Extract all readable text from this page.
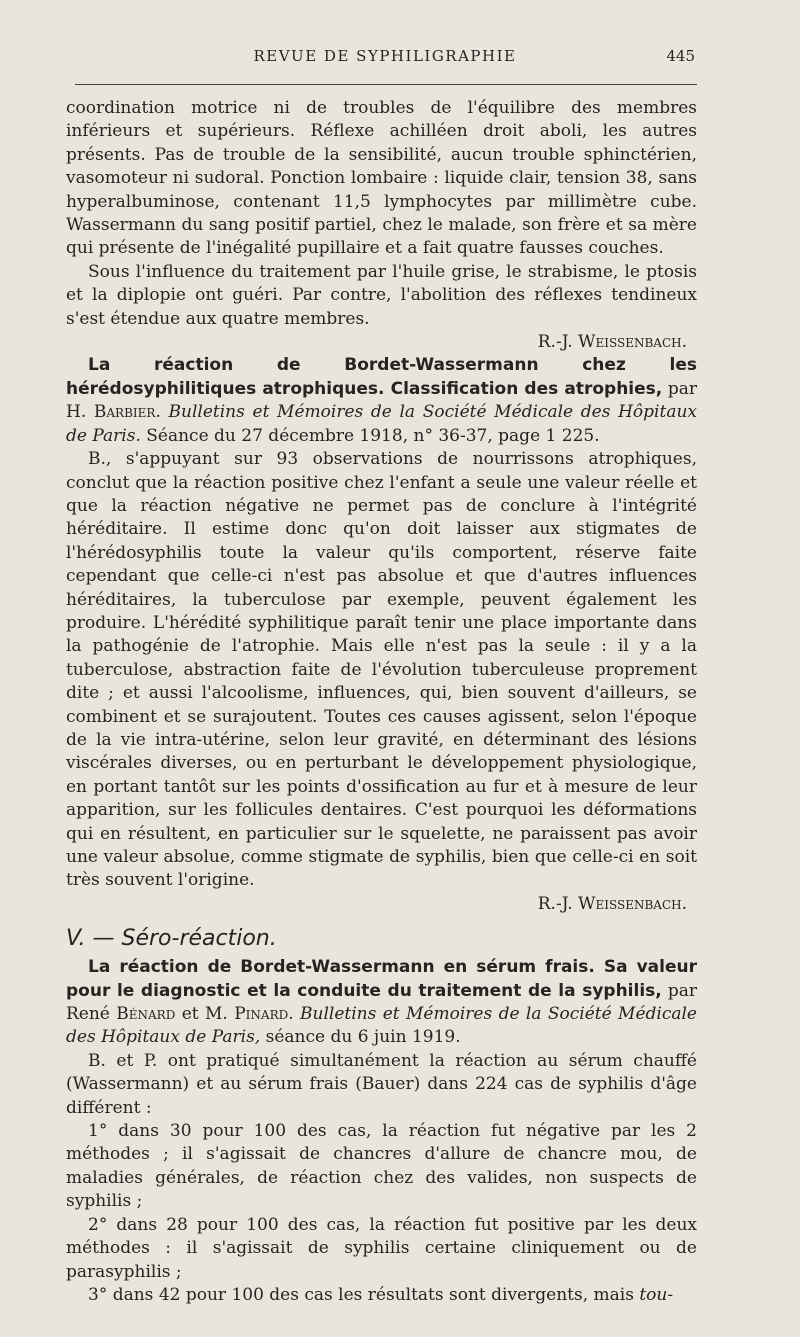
REVUE DE SYPHILIGRAPHIE	445

coordination motrice ni de troubles de l'équilibre des membres inférieurs et supérieurs. Réflexe achilléen droit aboli, les autres présents. Pas de trouble de la sensibilité, aucun trouble sphinctérien, vasomoteur ni sudoral. Ponction lombaire : liquide clair, tension 38, sans hyperalbuminose, contenant 11,5 lymphocytes par millimètre cube. Wassermann du sang positif partiel, chez le malade, son frère et sa mère qui présente de l'inégalité pupillaire et a fait quatre fausses couches.

Sous l'influence du traitement par l'huile grise, le strabisme, le ptosis et la diplopie ont guéri. Par contre, l'abolition des réflexes tendineux s'est étendue aux quatre membres.
R.-J. Weissenbach.

La réaction de Bordet-Wassermann chez les hérédosyphilitiques atrophiques. Classification des atrophies, par H. Barbier. Bulletins et Mémoires de la Société Médicale des Hôpitaux de Paris. Séance du 27 décembre 1918, n° 36-37, page 1 225.

B., s'appuyant sur 93 observations de nourrissons atrophiques, conclut que la réaction positive chez l'enfant a seule une valeur réelle et que la réaction négative ne permet pas de conclure à l'intégrité héréditaire. Il estime donc qu'on doit laisser aux stigmates de l'hérédosyphilis toute la valeur qu'ils comportent, réserve faite cependant que celle-ci n'est pas absolue et que d'autres influences héréditaires, la tuberculose par exemple, peuvent également les produire. L'hérédité syphilitique paraît tenir une place importante dans la pathogénie de l'atrophie. Mais elle n'est pas la seule : il y a la tuberculose, abstraction faite de l'évolution tuberculeuse proprement dite ; et aussi l'alcoolisme, influences, qui, bien souvent d'ailleurs, se combinent et se surajoutent. Toutes ces causes agissent, selon l'époque de la vie intra-utérine, selon leur gravité, en déterminant des lésions viscérales diverses, ou en perturbant le développement physiologique, en portant tantôt sur les points d'ossification au fur et à mesure de leur apparition, sur les follicules dentaires. C'est pourquoi les déformations qui en résultent, en particulier sur le squelette, ne paraissent pas avoir une valeur absolue, comme stigmate de syphilis, bien que celle-ci en soit très souvent l'origine.
R.-J. Weissenbach.

V. — Séro-réaction.

La réaction de Bordet-Wassermann en sérum frais. Sa valeur pour le diagnostic et la conduite du traitement de la syphilis, par René Bénard et M. Pinard. Bulletins et Mémoires de la Société Médicale des Hôpitaux de Paris, séance du 6 juin 1919.

B. et P. ont pratiqué simultanément la réaction au sérum chauffé (Wassermann) et au sérum frais (Bauer) dans 224 cas de syphilis d'âge différent :

1° dans 30 pour 100 des cas, la réaction fut négative par les 2 méthodes ; il s'agissait de chancres d'allure de chancre mou, de maladies générales, de réaction chez des valides, non suspects de syphilis ;

2° dans 28 pour 100 des cas, la réaction fut positive par les deux méthodes : il s'agissait de syphilis certaine cliniquement ou de parasyphilis ;

3° dans 42 pour 100 des cas les résultats sont divergents, mais tou-
